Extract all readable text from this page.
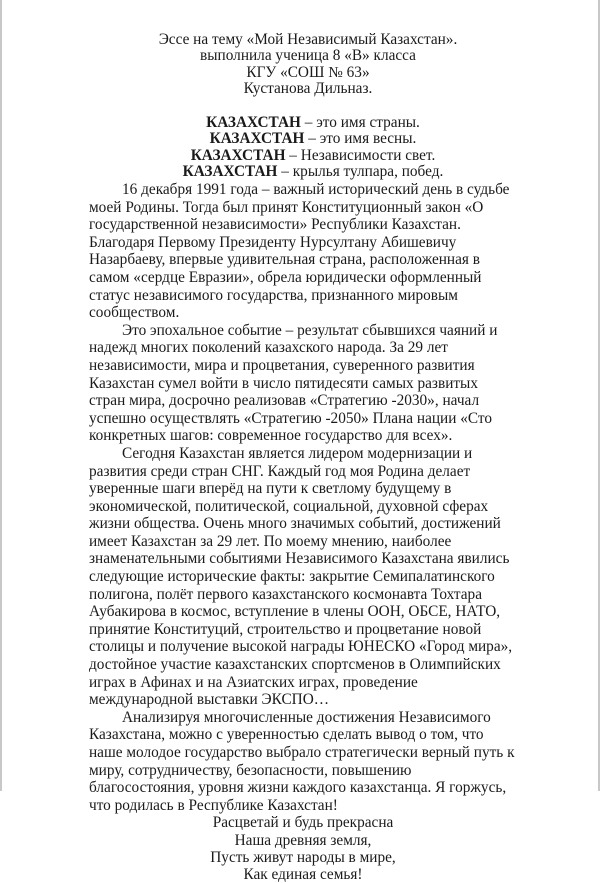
Эссе на тему «Мой Независимый Казахстан».
выполнила ученица 8 «В» класса
КГУ «СОШ № 63»
Кустанова Дильназ.
КАЗАХСТАН – это имя страны.
КАЗАХСТАН – это имя весны.
КАЗАХСТАН – Независимости свет.
КАЗАХСТАН – крылья тулпара, побед.

16 декабря 1991 года – важный исторический день в судьбе моей Родины. Тогда был принят Конституционный закон «О государственной независимости» Республики Казахстан. Благодаря Первому Президенту Нурсултану Абишевичу Назарбаеву, впервые удивительная страна, расположенная в самом «сердце Евразии», обрела юридически оформленный статус независимого государства, признанного мировым сообществом.

Это эпохальное событие – результат сбывшихся чаяний и надежд многих поколений казахского народа. За 29 лет независимости, мира и процветания, суверенного развития Казахстан сумел войти в число пятидесяти самых развитых стран мира, досрочно реализовав «Стратегию -2030», начал успешно осуществлять «Стратегию -2050» Плана нации «Сто конкретных шагов: современное государство для всех».

Сегодня Казахстан является лидером модернизации и развития среди стран СНГ. Каждый год моя Родина делает уверенные шаги вперёд на пути к светлому будущему в экономической, политической, социальной, духовной сферах жизни общества. Очень много значимых событий, достижений имеет Казахстан за 29 лет. По моему мнению, наиболее знаменательными событиями Независимого Казахстана явились следующие исторические факты: закрытие Семипалатинского полигона, полёт первого казахстанского космонавта Тохтара Аубакирова в космос, вступление в члены ООН, ОБСЕ, НАТО, принятие Конституций, строительство и процветание новой столицы и получение высокой награды ЮНЕСКО «Город мира», достойное участие казахстанских спортсменов в Олимпийских играх в Афинах и на Азиатских играх, проведение международной выставки ЭКСПО…

Анализируя многочисленные достижения Независимого Казахстана, можно с уверенностью сделать вывод о том, что наше молодое государство выбрало стратегически верный путь к миру, сотрудничеству, безопасности, повышению благосостояния, уровня жизни каждого казахстанца. Я горжусь, что родилась в Республике Казахстан!

Расцветай и будь прекрасна
Наша древняя земля,
Пусть живут народы в мире,
Как единая семья!
